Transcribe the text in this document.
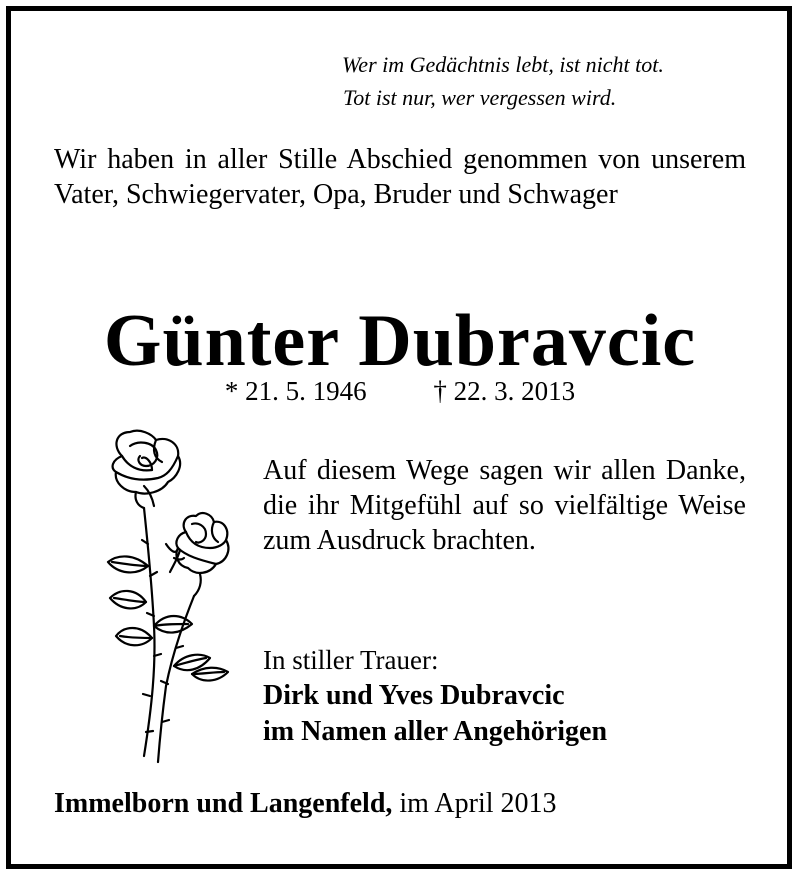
Wer im Gedächtnis lebt, ist nicht tot.
Tot ist nur, wer vergessen wird.
Wir haben in aller Stille Abschied genommen von unserem Vater, Schwiegervater, Opa, Bruder und Schwager
Günter Dubravcic
* 21. 5. 1946 † 22. 3. 2013
Auf diesem Wege sagen wir allen Danke, die ihr Mitgefühl auf so vielfältige Weise zum Ausdruck brachten.
In stiller Trauer:
Dirk und Yves Dubravcic
im Namen aller Angehörigen
Immelborn und Langenfeld, im April 2013
